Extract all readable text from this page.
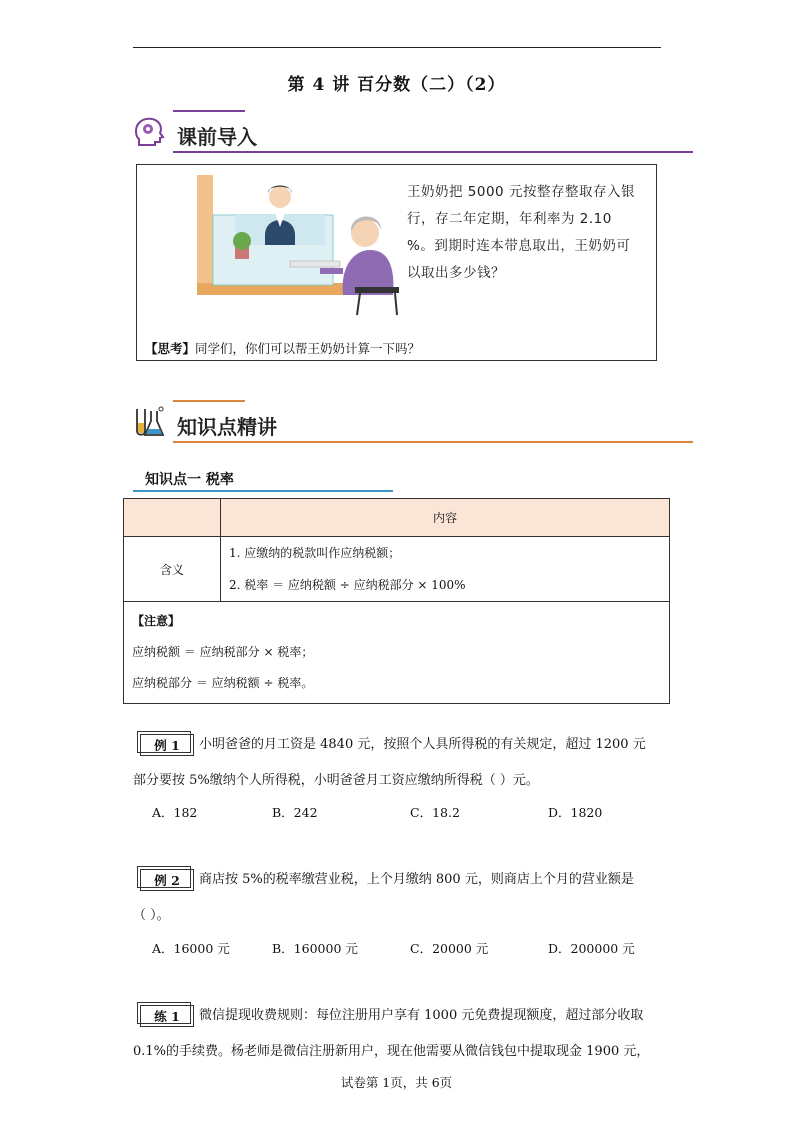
第 4 讲 百分数（二）（2）
课前导入
王奶奶把 5000 元按整存整取存入银行，存二年定期，年利率为 2.10 %。到期时连本带息取出，王奶奶可以取出多少钱？
【思考】同学们，你们可以帮王奶奶计算一下吗？
知识点精讲
知识点一 税率
	内容
含义	1. 应缴纳的税款叫作应纳税额；
2. 税率 ＝ 应纳税额 ÷ 应纳税部分 × 100%

【注意】
应纳税额 ＝ 应纳税部分 × 税率；
应纳税部分 ＝ 应纳税额 ÷ 税率。	
例 1	小明爸爸的月工资是 4840 元，按照个人具所得税的有关规定，超过 1200 元
部分要按 5%缴纳个人所得税，小明爸爸月工资应缴纳所得税（ ）元。
A．182	B．242	C．18.2	D．1820
例 2	商店按 5%的税率缴营业税，上个月缴纳 800 元，则商店上个月的营业额是
（ ）。
A．16000 元	B．160000 元	C．20000 元	D．200000 元
练 1	微信提现收费规则：每位注册用户享有 1000 元免费提现额度，超过部分收取
0.1%的手续费。杨老师是微信注册新用户，现在他需要从微信钱包中提取现金 1900 元，
试卷第 1页，共 6页
